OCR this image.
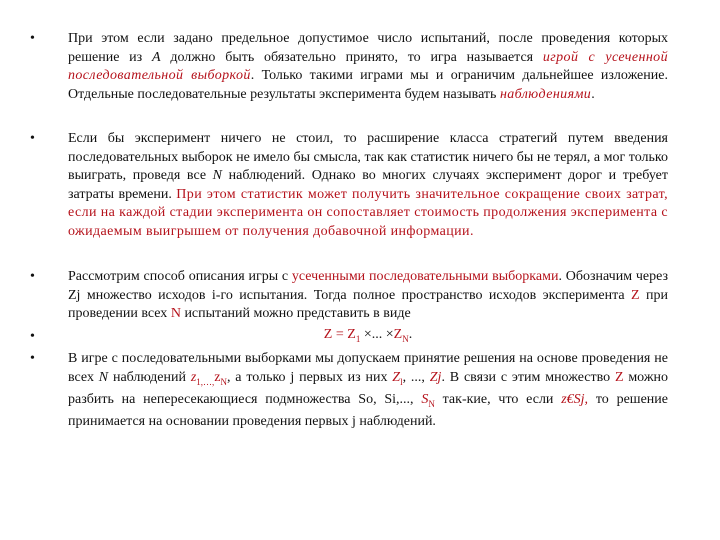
• При этом если задано предельное допустимое число испытаний, после проведения которых решение из A должно быть обязательно принято, то игра называется игрой с усеченной последовательной выборкой. Только такими играми мы и ограничим дальнейшее изложение. Отдельные последовательные результаты эксперимента будем называть наблюдениями.

• Если бы эксперимент ничего не стоил, то расширение класса стратегий путем введения последовательных выборок не имело бы смысла, так как статистик ничего бы не терял, а мог только выиграть, проведя все N наблюдений. Однако во многих случаях эксперимент дорог и требует затраты времени. При этом статистик может получить значительное сокращение своих затрат, если на каждой стадии эксперимента он сопоставляет стоимость продолжения эксперимента с ожидаемым выигрышем от получения добавочной информации.

• Рассмотрим способ описания игры с усеченными последовательными выборками. Обозначим через Zj множество исходов i-го испытания. Тогда полное пространство исходов эксперимента Z при проведении всех N испытаний можно представить в виде

•	$Z = Z_1$ ×... $\times Z_N$.

• В игре с последовательными выборками мы допускаем принятие решения на основе проведения не всех N наблюдений $z_{1,\dots,}z_N$, а только j первых из них $Z_l$, ..., Zj. В связи с этим множество Z можно разбить на непересекающиеся подмножества So, Si,..., $S_N$ так-кие, что если z€Sj, то решение принимается на основании проведения первых j наблюдений.
